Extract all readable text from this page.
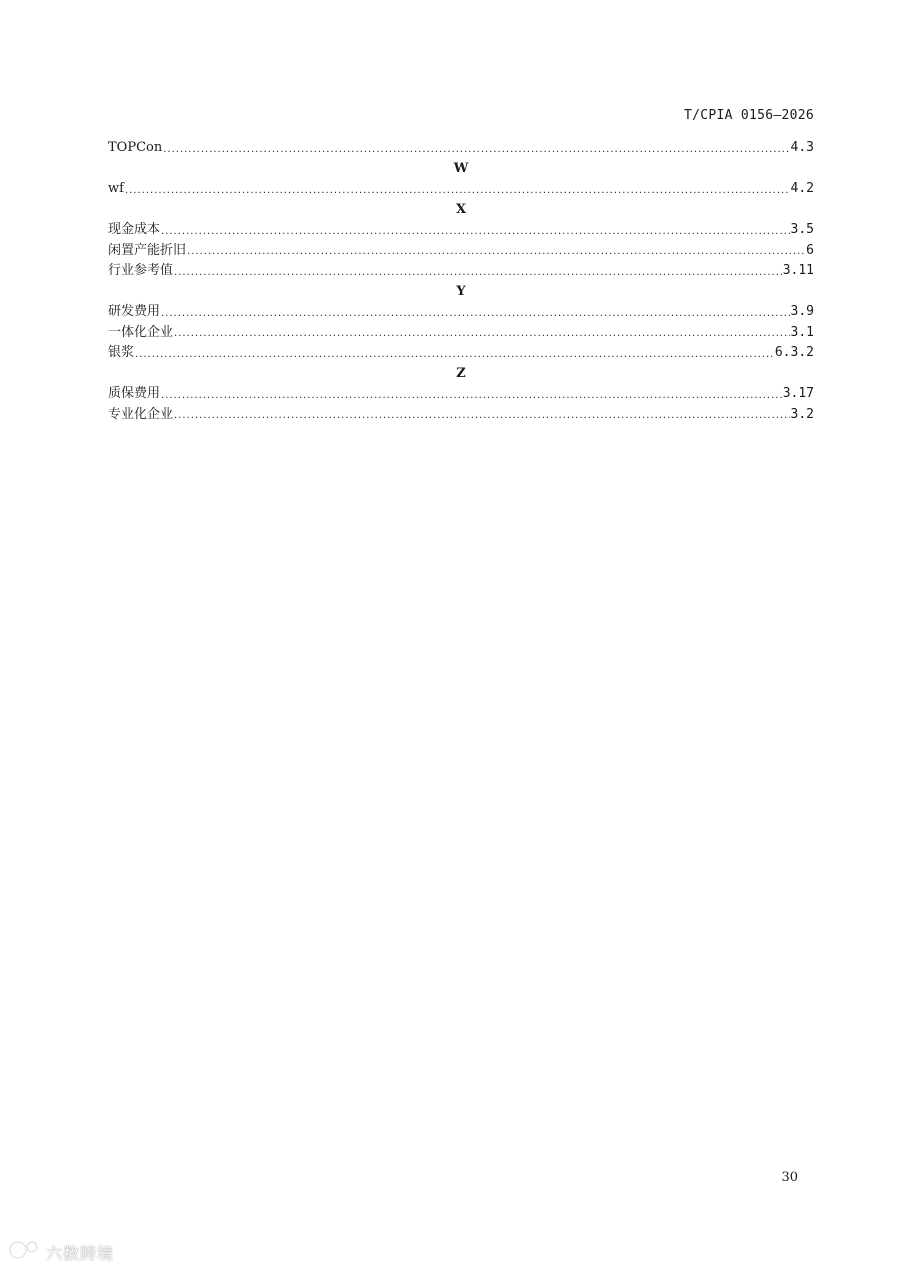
T/CPIA 0156—2026
TOPCon .....	4.3
W
wf .....	4.2
X
现金成本 .....	3.5
闲置产能折旧 .....	6
行业参考值 .....	3.11
Y
研发费用 .....	3.9
一体化企业 .....	3.1
银浆 .....	6.3.2
Z
质保费用 .....	3.17
专业化企业 .....	3.2
30
六数跨境
